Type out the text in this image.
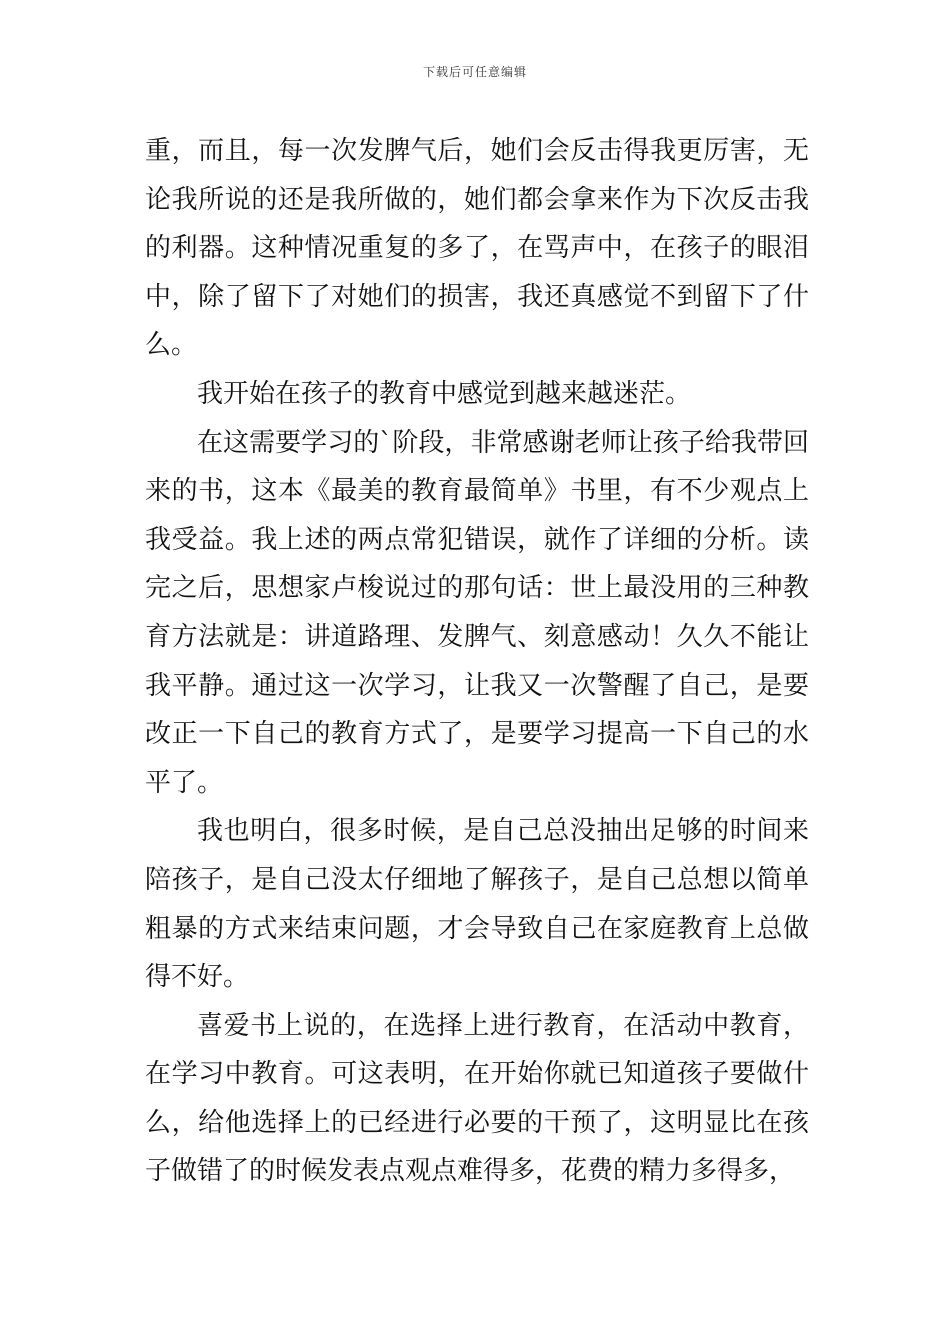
下载后可任意编辑

重，而且，每一次发脾气后，她们会反击得我更厉害，无论我所说的还是我所做的，她们都会拿来作为下次反击我的利器。这种情况重复的多了，在骂声中，在孩子的眼泪中，除了留下了对她们的损害，我还真感觉不到留下了什么。

我开始在孩子的教育中感觉到越来越迷茫。

在这需要学习的`阶段，非常感谢老师让孩子给我带回来的书，这本《最美的教育最简单》书里，有不少观点上我受益。我上述的两点常犯错误，就作了详细的分析。读完之后，思想家卢梭说过的那句话：世上最没用的三种教育方法就是：讲道路理、发脾气、刻意感动！久久不能让我平静。通过这一次学习，让我又一次警醒了自己，是要改正一下自己的教育方式了，是要学习提高一下自己的水平了。

我也明白，很多时候，是自己总没抽出足够的时间来陪孩子，是自己没太仔细地了解孩子，是自己总想以简单粗暴的方式来结束问题，才会导致自己在家庭教育上总做得不好。

喜爱书上说的，在选择上进行教育，在活动中教育，在学习中教育。可这表明，在开始你就已知道孩子要做什么，给他选择上的已经进行必要的干预了，这明显比在孩子做错了的时候发表点观点难得多，花费的精力多得多，
